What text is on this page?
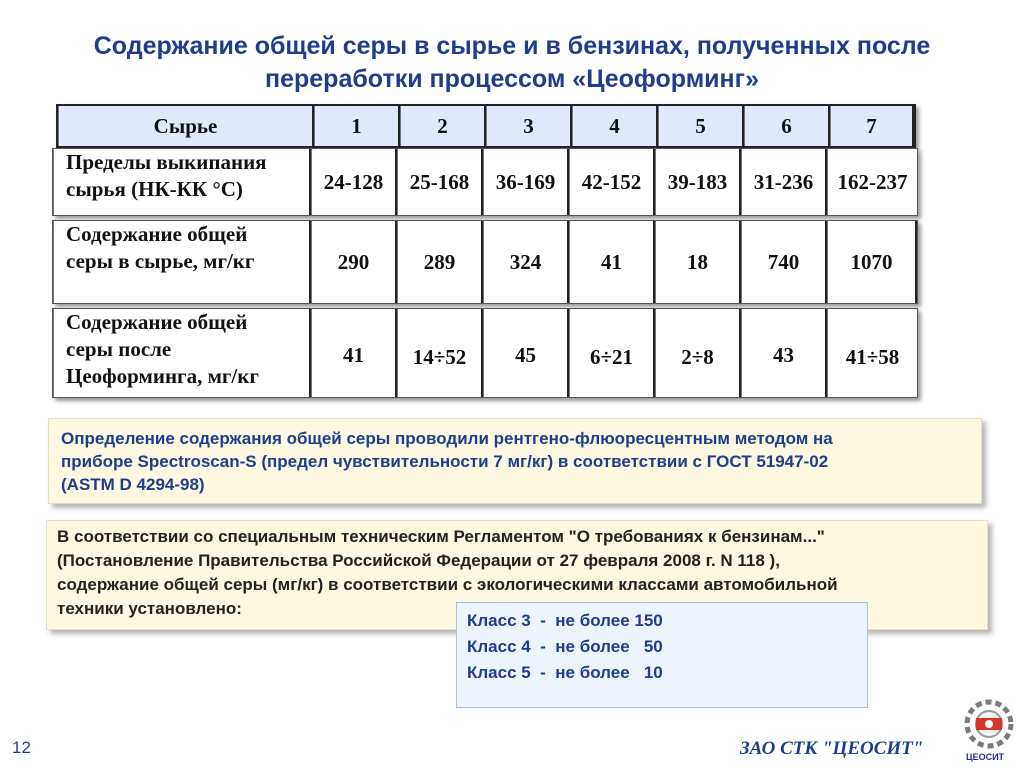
Содержание общей серы в сырье и в бензинах, полученных после
переработки процессом «Цеоформинг»
Сырье	1	2	3	4	5	6	7
Пределы выкипания
сырья (НК-КК °С)	24-128 25-168 36-169 42-152 39-183 31-236 162-237
Содержание общей
серы в сырье, мг/кг	290	289	324	41	18	740 1070
Содержание общей
серы после
Цеоформинга, мг/кг
41 14÷52 45	6÷21 2÷8	43 41÷58

Определение содержания общей серы проводили рентгено-флюоресцентным методом на
приборе Spectroscan-S (предел чувствительности 7 мг/кг) в соответствии с ГОСТ 51947-02
(ASTM D 4294-98)

В соответствии со специальным техническим Регламентом "О требованиях к бензинам..."
(Постановление Правительства Российской Федерации от 27 февраля 2008 г. N 118 ),
содержание общей серы (мг/кг) в соответствии с экологическими классами автомобильной
техники установлено:

Класс 3  -  не более 150
Класс 4  -  не более   50
Класс 5  -  не более   10
12	ЗАО СТК "ЦЕОСИТ"	ЦЕОСИТ
